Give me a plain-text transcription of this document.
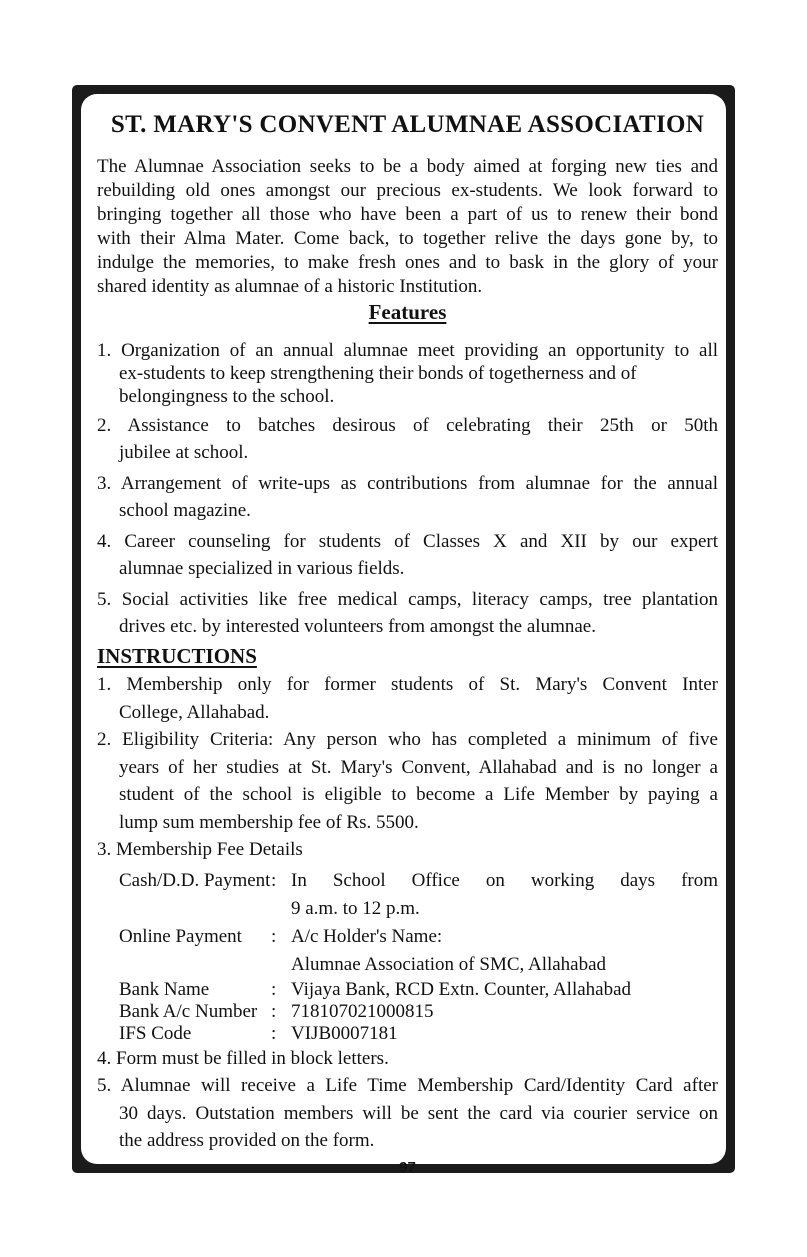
ST. MARY'S CONVENT ALUMNAE ASSOCIATION
The Alumnae Association seeks to be a body aimed at forging new ties and
rebuilding old ones amongst our precious ex-students. We look forward to
bringing together all those who have been a part of us to renew their bond
with their Alma Mater. Come back, to together relive the days gone by, to
indulge the memories, to make fresh ones and to bask in the glory of your
shared identity as alumnae of a historic Institution.
Features
1. Organization of an annual alumnae meet providing an opportunity to all
ex-students to keep strengthening their bonds of togetherness and of
belongingness to the school.
2. Assistance to batches desirous of celebrating their 25th or 50th
jubilee at school.
3. Arrangement of write-ups as contributions from alumnae for the annual
school magazine.
4. Career counseling for students of Classes X and XII by our expert
alumnae specialized in various fields.
5. Social activities like free medical camps, literacy camps, tree plantation
drives etc. by interested volunteers from amongst the alumnae.
INSTRUCTIONS
1. Membership only for former students of St. Mary's Convent Inter
College, Allahabad.
2. Eligibility Criteria: Any person who has completed a minimum of five
years of her studies at St. Mary's Convent, Allahabad and is no longer a
student of the school is eligible to become a Life Member by paying a
lump sum membership fee of Rs. 5500.
3. Membership Fee Details
Cash/D.D. Payment : In School Office on working days from
9 a.m. to 12 p.m.
Online Payment	: A/c Holder's Name:
Alumnae Association of SMC, Allahabad
Bank Name	: Vijaya Bank, RCD Extn. Counter, Allahabad
Bank A/c Number : 718107021000815
IFS Code	: VIJB0007181
4. Form must be filled in block letters.
5. Alumnae will receive a Life Time Membership Card/Identity Card after
30 days. Outstation members will be sent the card via courier service on
the address provided on the form.
97
